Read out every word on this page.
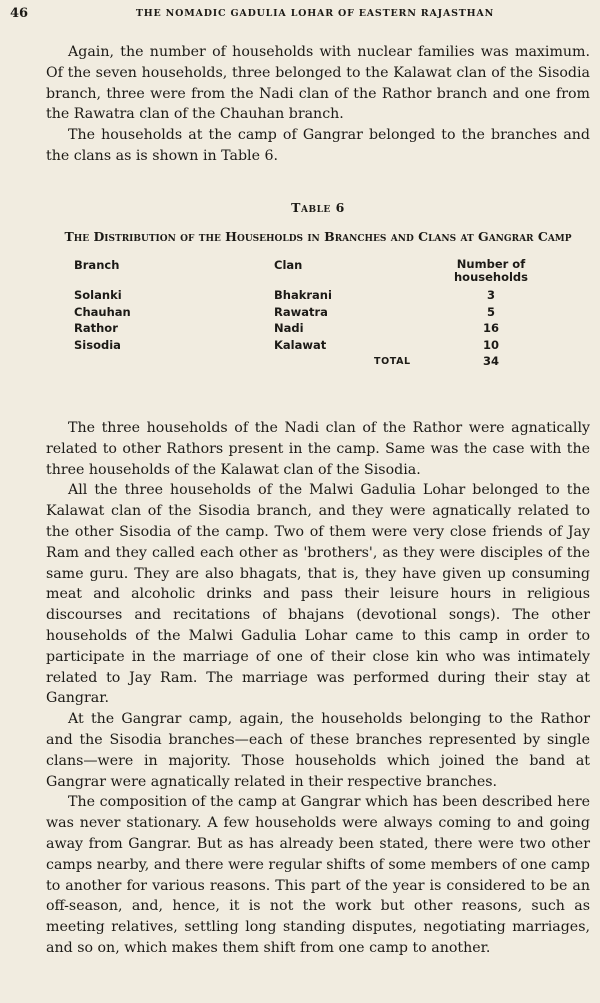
46	THE NOMADIC GADULIA LOHAR OF EASTERN RAJASTHAN

Again, the number of households with nuclear families was maximum. Of the seven households, three belonged to the Kalawat clan of the Sisodia branch, three were from the Nadi clan of the Rathor branch and one from the Rawatra clan of the Chauhan branch.

The households at the camp of Gangrar belonged to the branches and the clans as is shown in Table 6.

Table 6

The Distribution of the Households in Branches and Clans at Gangrar Camp

Branch	Clan	Number of households
Solanki	Bhakrani	3
Chauhan	Rawatra	5
Rathor	Nadi	16
Sisodia	Kalawat	10
TOTAL	34

The three households of the Nadi clan of the Rathor were agnatically related to other Rathors present in the camp. Same was the case with the three households of the Kalawat clan of the Sisodia.

All the three households of the Malwi Gadulia Lohar belonged to the Kalawat clan of the Sisodia branch, and they were agnatically related to the other Sisodia of the camp. Two of them were very close friends of Jay Ram and they called each other as 'brothers', as they were disciples of the same guru. They are also bhagats, that is, they have given up consuming meat and alcoholic drinks and pass their leisure hours in religious discourses and recitations of bhajans (devotional songs). The other households of the Malwi Gadulia Lohar came to this camp in order to participate in the marriage of one of their close kin who was intimately related to Jay Ram. The marriage was performed during their stay at Gangrar.

At the Gangrar camp, again, the households belonging to the Rathor and the Sisodia branches—each of these branches represented by single clans—were in majority. Those households which joined the band at Gangrar were agnatically related in their respective branches.

The composition of the camp at Gangrar which has been described here was never stationary. A few households were always coming to and going away from Gangrar. But as has already been stated, there were two other camps nearby, and there were regular shifts of some members of one camp to another for various reasons. This part of the year is considered to be an off-season, and, hence, it is not the work but other reasons, such as meeting relatives, settling long standing disputes, negotiating marriages, and so on, which makes them shift from one camp to another.
